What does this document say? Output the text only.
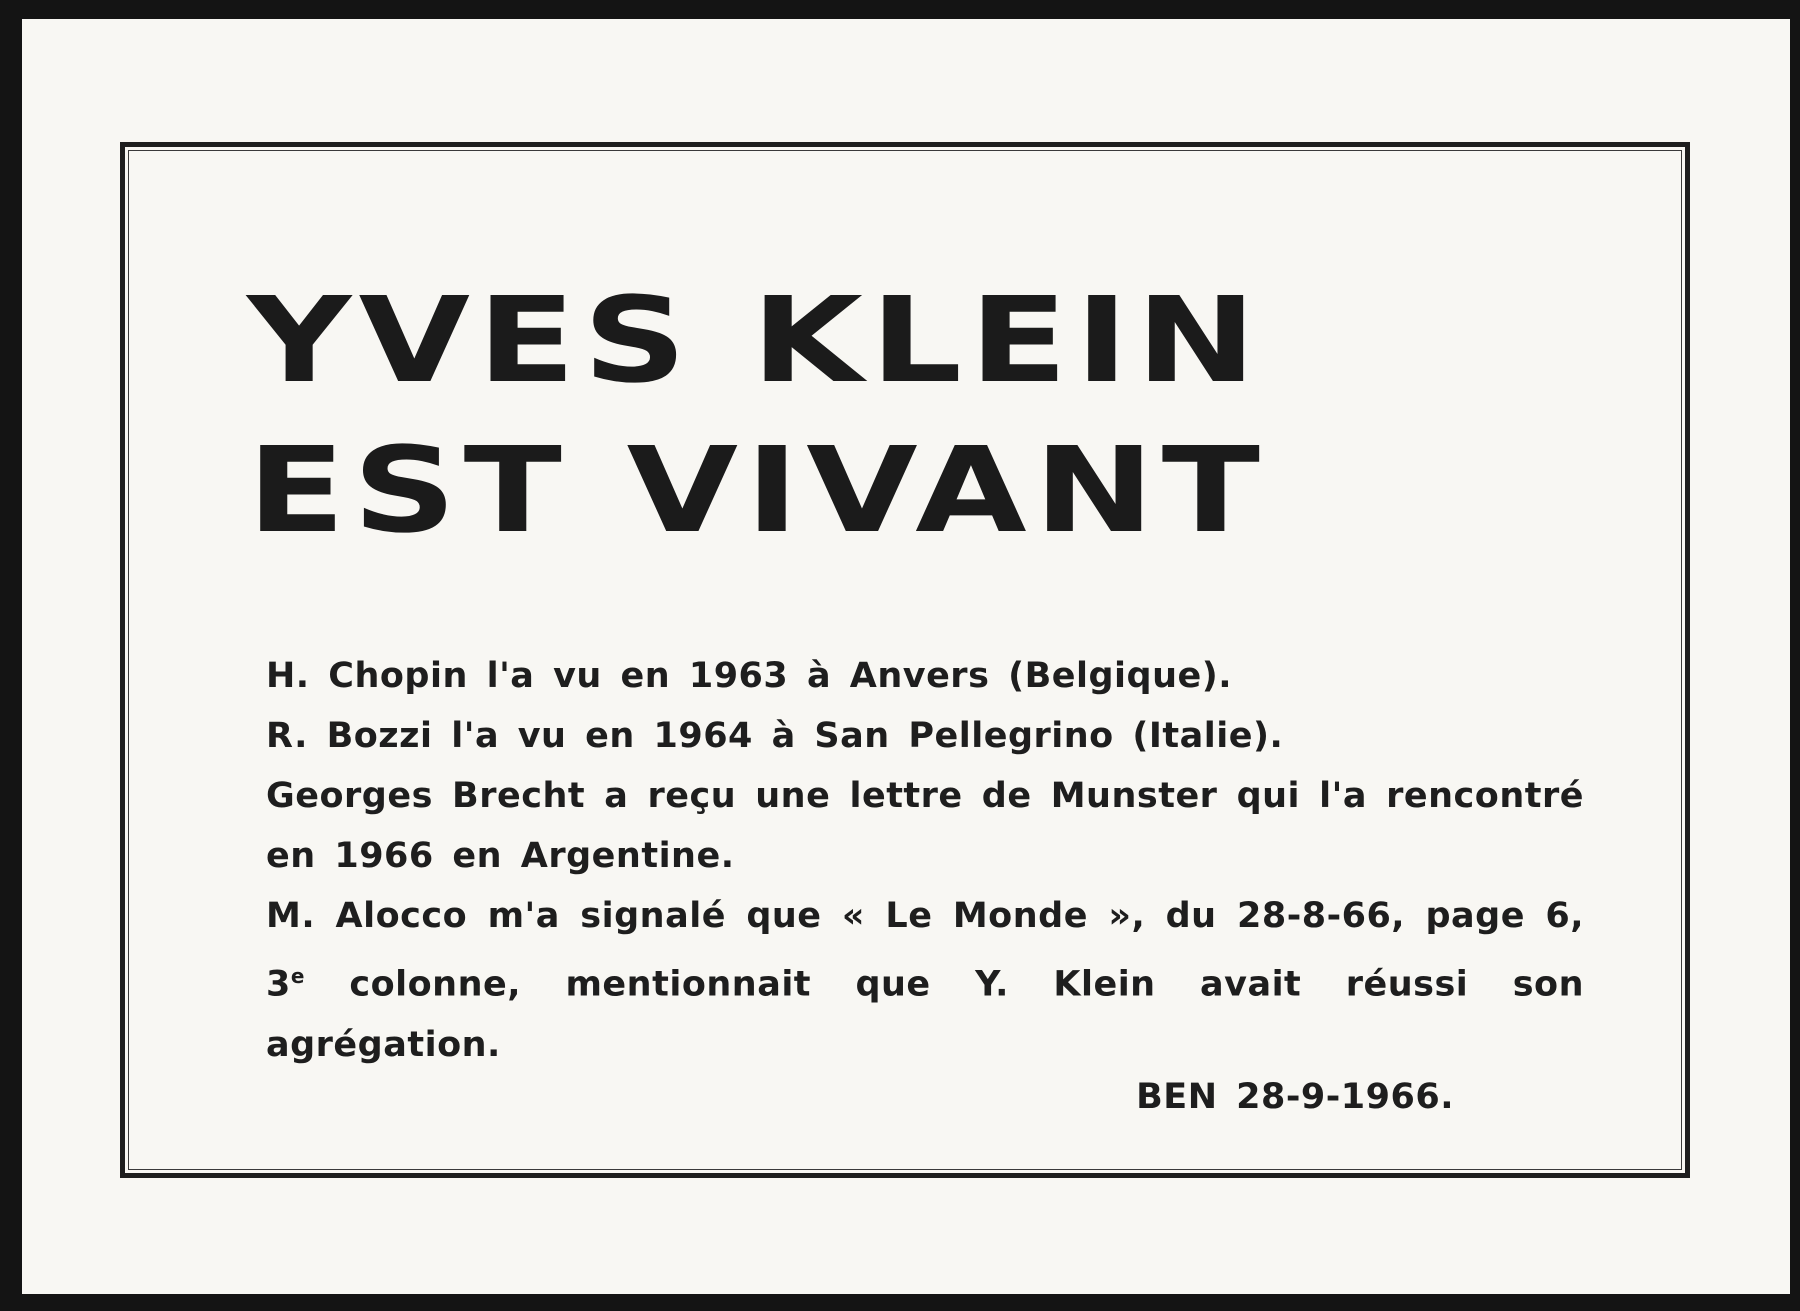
YVES KLEIN
EST VIVANT

H. Chopin l'a vu en 1963 à Anvers (Belgique).

R. Bozzi l'a vu en 1964 à San Pellegrino (Italie).

Georges Brecht a reçu une lettre de Munster qui l'a rencontré en 1966 en Argentine.

M. Alocco m'a signalé que « Le Monde », du 28-8-66, page 6, 3e colonne, mentionnait que Y. Klein avait réussi son agrégation.

BEN 28-9-1966.
